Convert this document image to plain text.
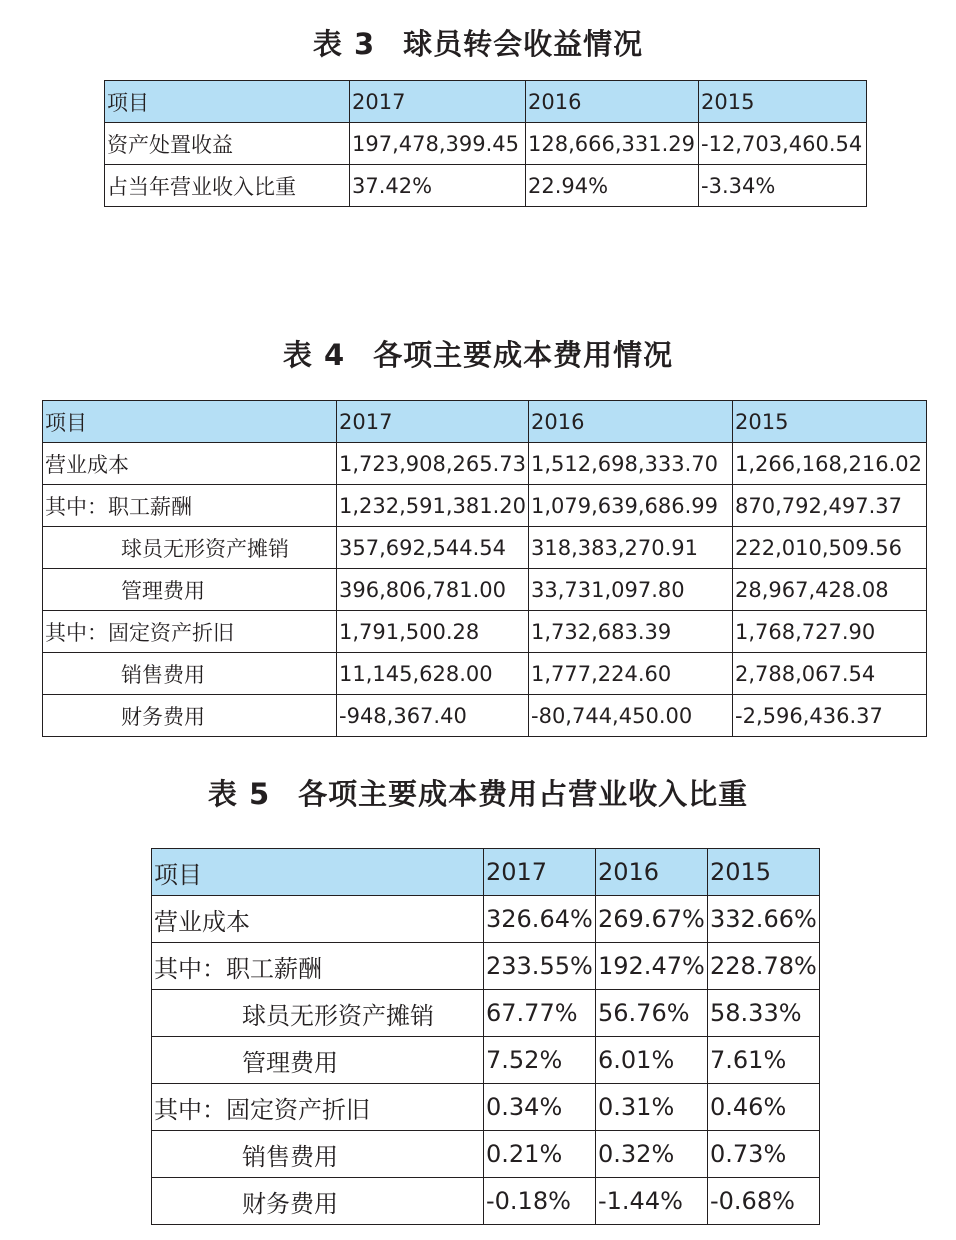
表 3 球员转会收益情况
项目	2017	2016	2015
资产处置收益	197,478,399.45	128,666,331.29	-12,703,460.54
占当年营业收入比重	37.42%	22.94%	-3.34%
表 4 各项主要成本费用情况
项目	2017	2016	2015
营业成本	1,723,908,265.73	1,512,698,333.70	1,266,168,216.02
其中：职工薪酬	1,232,591,381.20	1,079,639,686.99	870,792,497.37
球员无形资产摊销	357,692,544.54	318,383,270.91	222,010,509.56
管理费用	396,806,781.00	33,731,097.80	28,967,428.08
其中：固定资产折旧	1,791,500.28	1,732,683.39	1,768,727.90
销售费用	11,145,628.00	1,777,224.60	2,788,067.54
财务费用	-948,367.40	-80,744,450.00	-2,596,436.37
表 5 各项主要成本费用占营业收入比重
项目	2017	2016	2015
营业成本	326.64%	269.67%	332.66%
其中：职工薪酬	233.55%	192.47%	228.78%
球员无形资产摊销	67.77%	56.76%	58.33%
管理费用	7.52%	6.01%	7.61%
其中：固定资产折旧	0.34%	0.31%	0.46%
销售费用	0.21%	0.32%	0.73%
财务费用	-0.18%	-1.44%	-0.68%
